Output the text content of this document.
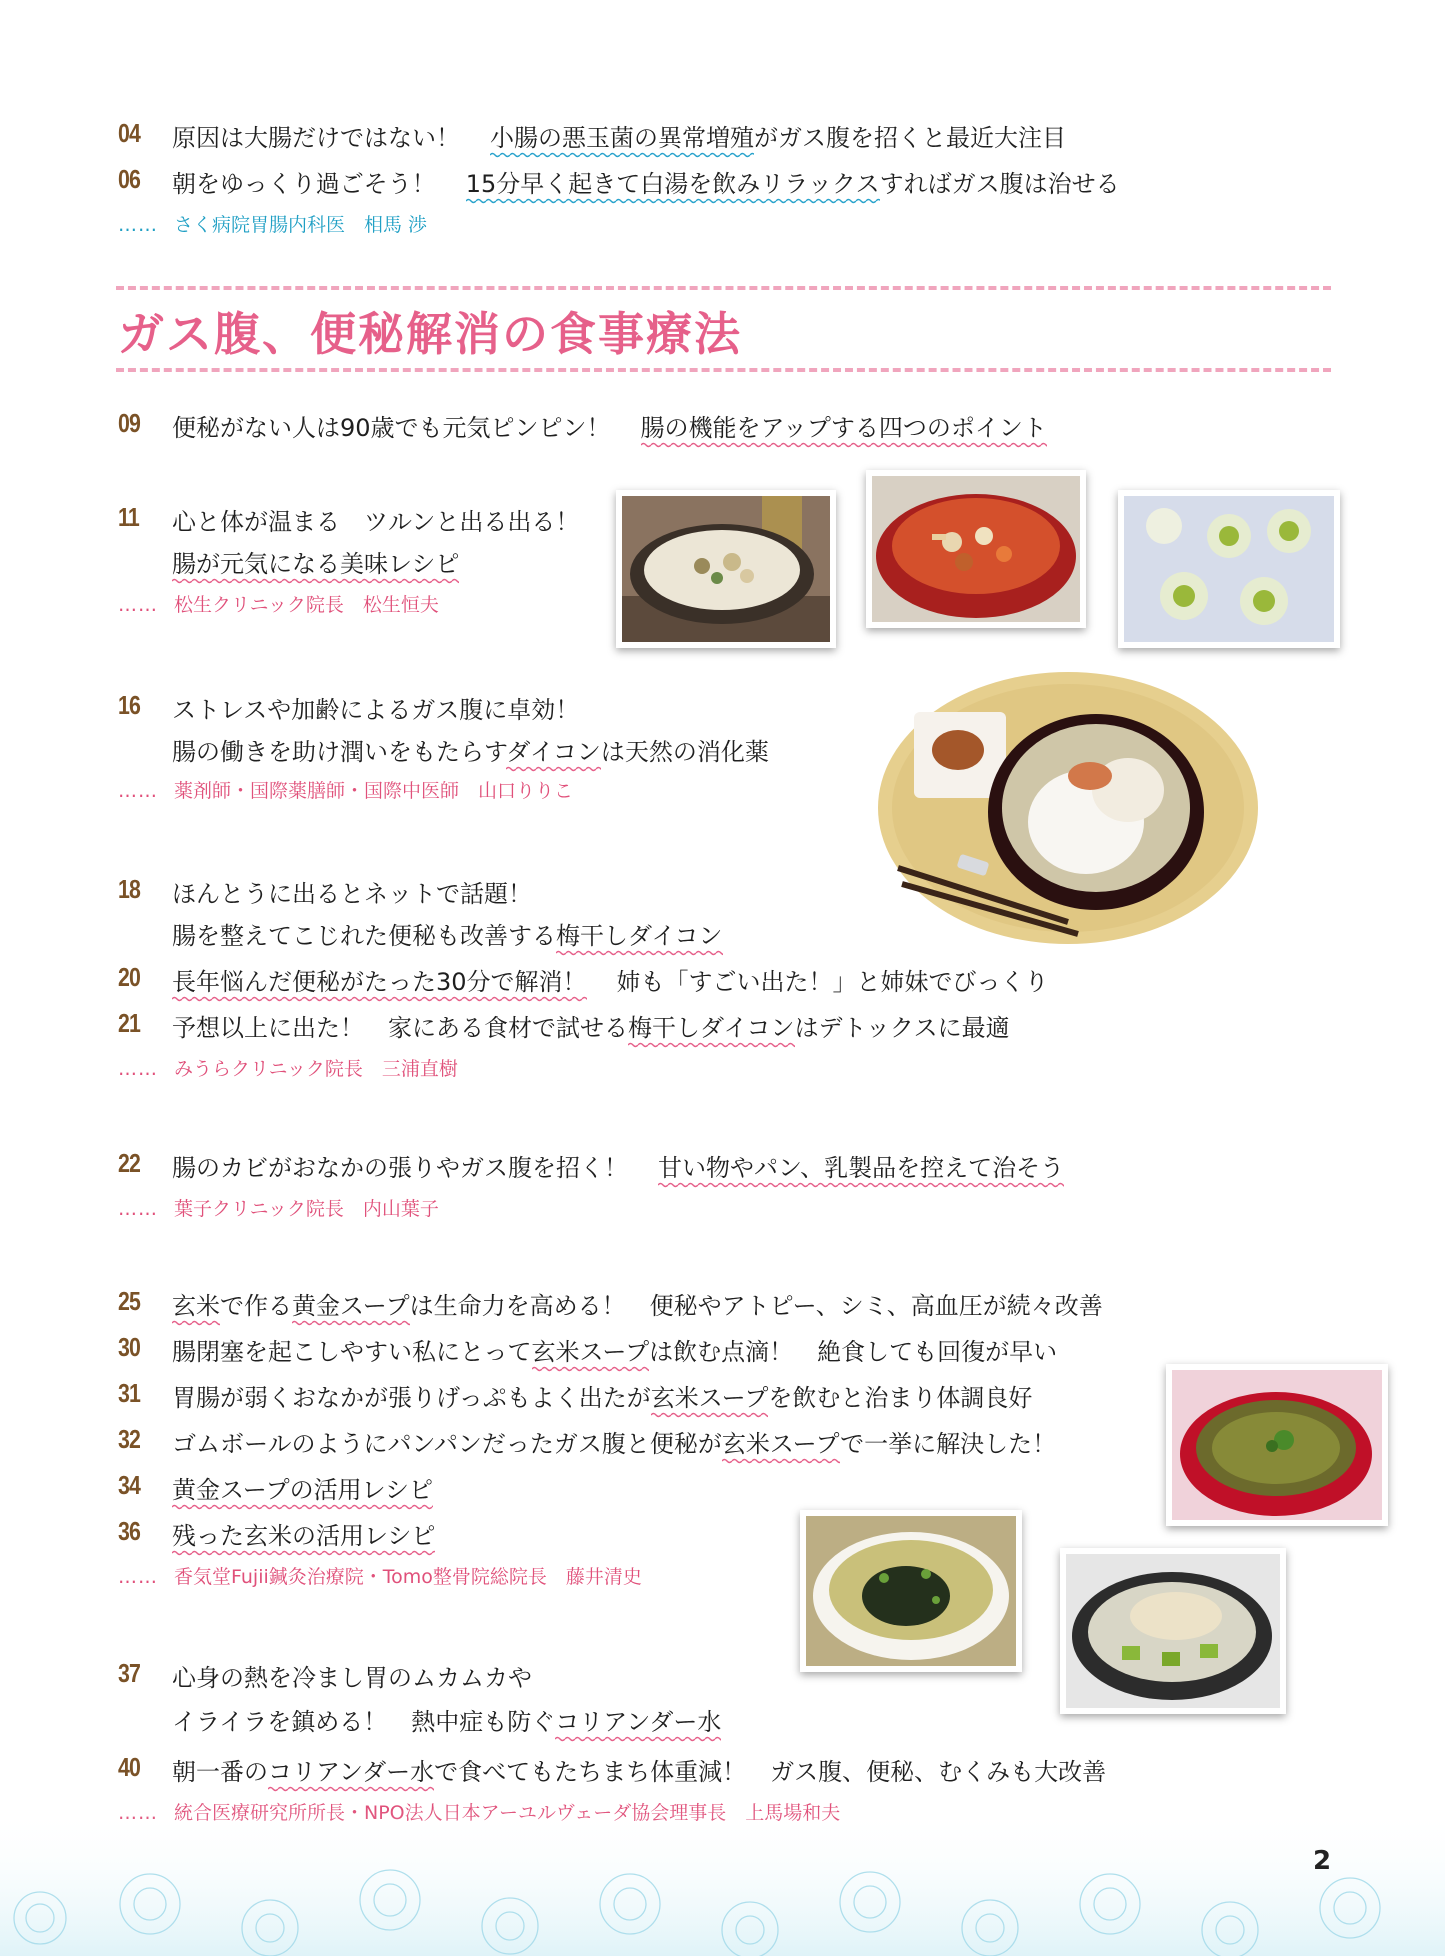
04 原因は大腸だけではない！ 小腸の悪玉菌の異常増殖がガス腹を招くと最近大注目
06 朝をゆっくり過ごそう！ 15分早く起きて白湯を飲みリラックスすればガス腹は治せる
…… さく病院胃腸内科医　相馬 渉
ガス腹、便秘解消の食事療法
09 便秘がない人は90歳でも元気ピンピン！ 腸の機能をアップする四つのポイント
11 心と体が温まる　ツルンと出る出る！
腸が元気になる美味レシピ
…… 松生クリニック院長　松生恒夫
16 ストレスや加齢によるガス腹に卓効！
腸の働きを助け潤いをもたらすダイコンは天然の消化薬
…… 薬剤師・国際薬膳師・国際中医師　山口りりこ
18 ほんとうに出るとネットで話題！
腸を整えてこじれた便秘も改善する梅干しダイコン
20 長年悩んだ便秘がたった30分で解消！ 姉も「すごい出た！」と姉妹でびっくり
21 予想以上に出た！　家にある食材で試せる梅干しダイコンはデトックスに最適
…… みうらクリニック院長　三浦直樹
22 腸のカビがおなかの張りやガス腹を招く！ 甘い物やパン、乳製品を控えて治そう
…… 葉子クリニック院長　内山葉子
25 玄米で作る黄金スープは生命力を高める！　便秘やアトピー、シミ、高血圧が続々改善
30 腸閉塞を起こしやすい私にとって玄米スープは飲む点滴！　絶食しても回復が早い
31 胃腸が弱くおなかが張りげっぷもよく出たが玄米スープを飲むと治まり体調良好
32 ゴムボールのようにパンパンだったガス腹と便秘が玄米スープで一挙に解決した！
34 黄金スープの活用レシピ
36 残った玄米の活用レシピ
…… 香気堂Fujii鍼灸治療院・Tomo整骨院総院長　藤井清史
37 心身の熱を冷まし胃のムカムカや
イライラを鎮める！　熱中症も防ぐコリアンダー水
40 朝一番のコリアンダー水で食べてもたちまち体重減！　ガス腹、便秘、むくみも大改善
2
